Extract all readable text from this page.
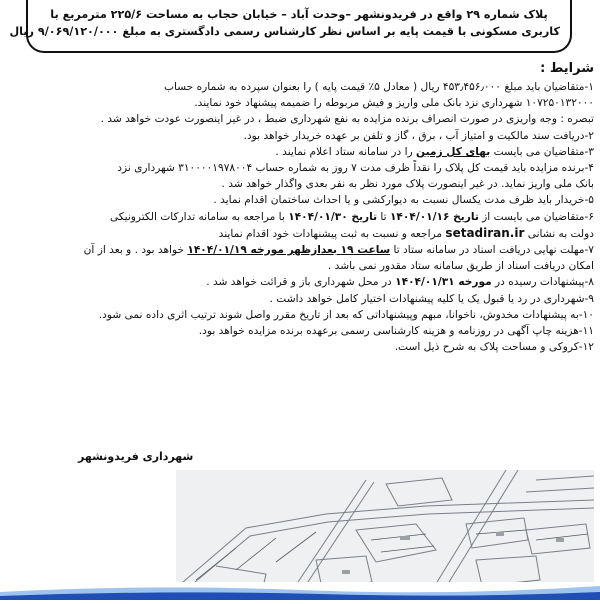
پلاک شماره ۲۹ واقع در فریدونشهر –وحدت آباد – خیابان حجاب به مساحت ۲۲۵/۶ مترمربع با
کاربری مسکونی با قیمت پایه بر اساس نظر کارشناس رسمی دادگستری به مبلغ ۹/۰۶۹/۱۲۰/۰۰۰ ریال
شرایط :
۱-متقاضیان باید مبلغ ۴۵۳٫۴۵۶٫۰۰۰ ریال ( معادل ۵٪ قیمت پایه ) را بعنوان سپرده به شماره حساب
۱۰۷۲۵۰۱۳۲۰۰۰ شهرداری نزد بانک ملی واریز و فیش مربوطه را ضمیمه پیشنهاد خود نمایند.
تبصره : وجه واریزی در صورت انصراف برنده مزایده به نفع شهرداری ضبط ، در غیر اینصورت عودت خواهد شد .
۲-دریافت سند مالکیت و امتیاز آب ، برق ، گاز و تلفن بر عهده خریدار خواهد بود.
۳-متقاضیان می بایست بهای کل زمین را در سامانه ستاد اعلام نمایند .
۴-برنده مزایده باید قیمت کل پلاک را نقداً ظرف مدت ۷ روز به شماره حساب ۳۱۰۰۰۰۱۹۷۸۰۰۴ شهرداری نزد
بانک ملی واریز نماید. در غیر اینصورت پلاک مورد نظر به نفر بعدی واگذار خواهد شد .
۵-خریدار باید ظرف مدت یکسال نسبت به دیوارکشی و یا احداث ساختمان اقدام نماید .
۶-متقاضیان می بایست از تاریخ ۱۴۰۴/۰۱/۱۶ تا تاریخ ۱۴۰۴/۰۱/۳۰ با مراجعه به سامانه تدارکات الکترونیکی
دولت به نشانی setadiran.ir مراجعه و نسبت به ثبت پیشنهادات خود اقدام نمایند
۷-مهلت نهایی دریافت اسناد در سامانه ستاد تا ساعت ۱۹ بعدازظهر مورخه ۱۴۰۴/۰۱/۱۹ خواهد بود . و بعد از آن
امکان دریافت اسناد از طریق سامانه ستاد مقدور نمی باشد .
۸-پیشنهادات رسیده در مورخه ۱۴۰۴/۰۱/۳۱ در محل شهرداری باز و قرائت خواهد شد .
۹-شهرداری در رد یا قبول یک یا کلیه پیشنهادات اختیار کامل خواهد داشت .
۱۰-به پیشنهادات مخدوش، ناخوانا، مبهم وپیشنهاداتی که بعد از تاریخ مقرر واصل شوند ترتیب اثری داده نمی شود.
۱۱-هزینه چاپ آگهی در روزنامه و هزینه کارشناسی رسمی برعهده برنده مزایده خواهد بود.
۱۲-کروکی و مساحت پلاک به شرح ذیل است.
شهرداری فریدونشهر
